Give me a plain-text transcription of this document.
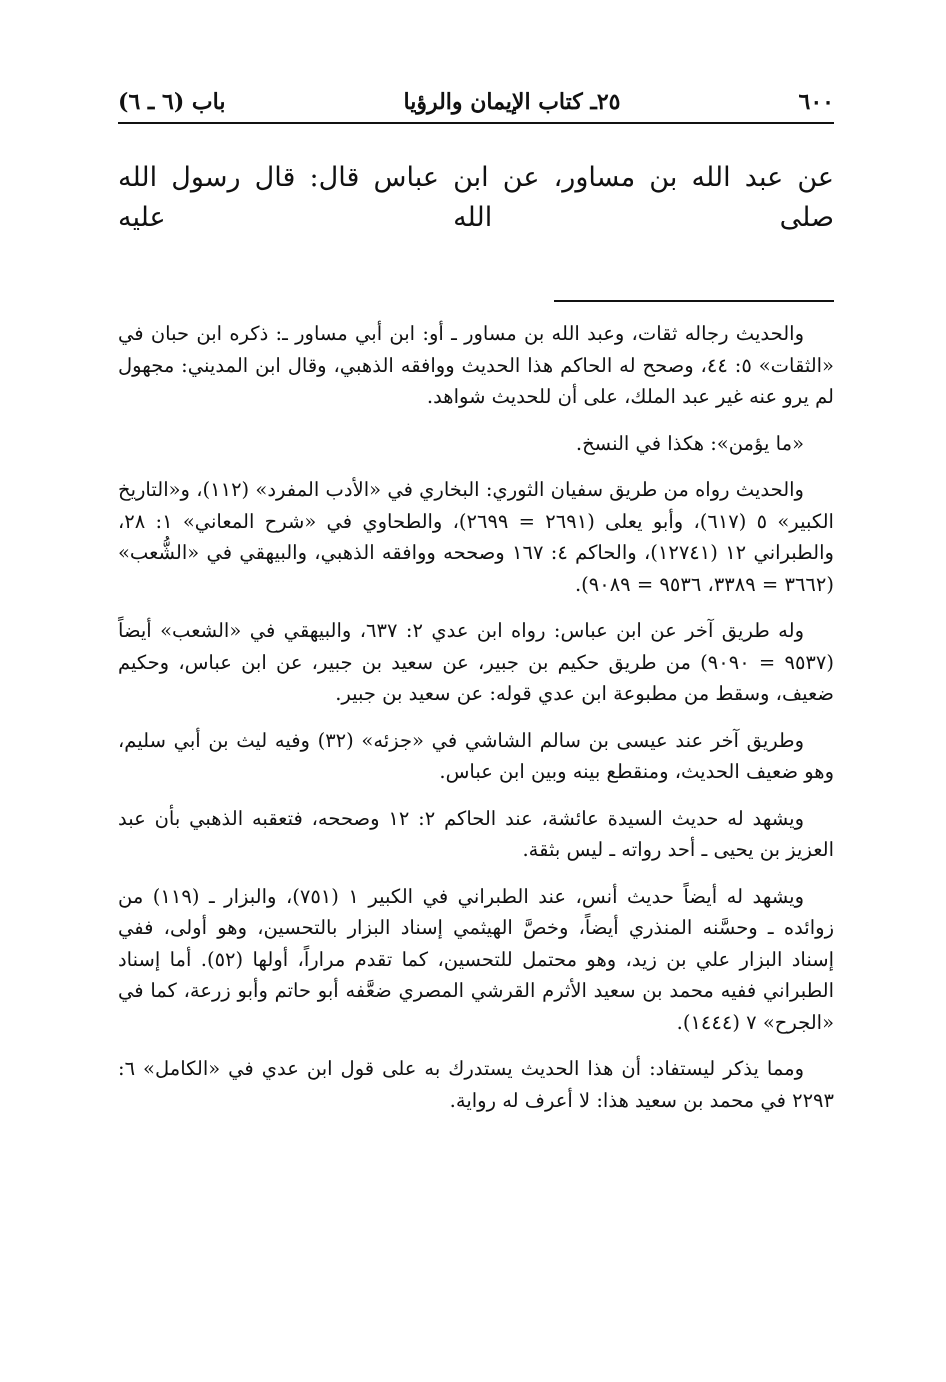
٦٠٠
٢٥ـ كتاب الإيمان والرؤيا
باب (٦ ـ ٦)
عن عبد الله بن مساور، عن ابن عباس قال: قال رسول الله صلى الله عليه

والحديث رجاله ثقات، وعبد الله بن مساور ـ أو: ابن أبي مساور ـ: ذكره ابن حبان في «الثقات» ٥: ٤٤، وصحح له الحاكم هذا الحديث ووافقه الذهبي، وقال ابن المديني: مجهول لم يرو عنه غير عبد الملك، على أن للحديث شواهد.

«ما يؤمن»: هكذا في النسخ.

والحديث رواه من طريق سفيان الثوري: البخاري في «الأدب المفرد» (١١٢)، و«التاريخ الكبير» ٥ (٦١٧)، وأبو يعلى (٢٦٩١ = ٢٦٩٩)، والطحاوي في «شرح المعاني» ١: ٢٨، والطبراني ١٢ (١٢٧٤١)، والحاكم ٤: ١٦٧ وصححه ووافقه الذهبي، والبيهقي في «الشُّعب» (٣٦٦٢ = ٣٣٨٩، ٩٥٣٦ = ٩٠٨٩).

وله طريق آخر عن ابن عباس: رواه ابن عدي ٢: ٦٣٧، والبيهقي في «الشعب» أيضاً (٩٥٣٧ = ٩٠٩٠) من طريق حكيم بن جبير، عن سعيد بن جبير، عن ابن عباس، وحكيم ضعيف، وسقط من مطبوعة ابن عدي قوله: عن سعيد بن جبير.

وطريق آخر عند عيسى بن سالم الشاشي في «جزئه» (٣٢) وفيه ليث بن أبي سليم، وهو ضعيف الحديث، ومنقطع بينه وبين ابن عباس.

ويشهد له حديث السيدة عائشة، عند الحاكم ٢: ١٢ وصححه، فتعقبه الذهبي بأن عبد العزيز بن يحيى ـ أحد رواته ـ ليس بثقة.

ويشهد له أيضاً حديث أنس، عند الطبراني في الكبير ١ (٧٥١)، والبزار ـ (١١٩) من زوائده ـ وحسَّنه المنذري أيضاً، وخصَّ الهيثمي إسناد البزار بالتحسين، وهو أولى، ففي إسناد البزار علي بن زيد، وهو محتمل للتحسين، كما تقدم مراراً، أولها (٥٢). أما إسناد الطبراني ففيه محمد بن سعيد الأثرم القرشي المصري ضعَّفه أبو حاتم وأبو زرعة، كما في «الجرح» ٧ (١٤٤٤).

ومما يذكر ليستفاد: أن هذا الحديث يستدرك به على قول ابن عدي في «الكامل» ٦: ٢٢٩٣ في محمد بن سعيد هذا: لا أعرف له رواية.
